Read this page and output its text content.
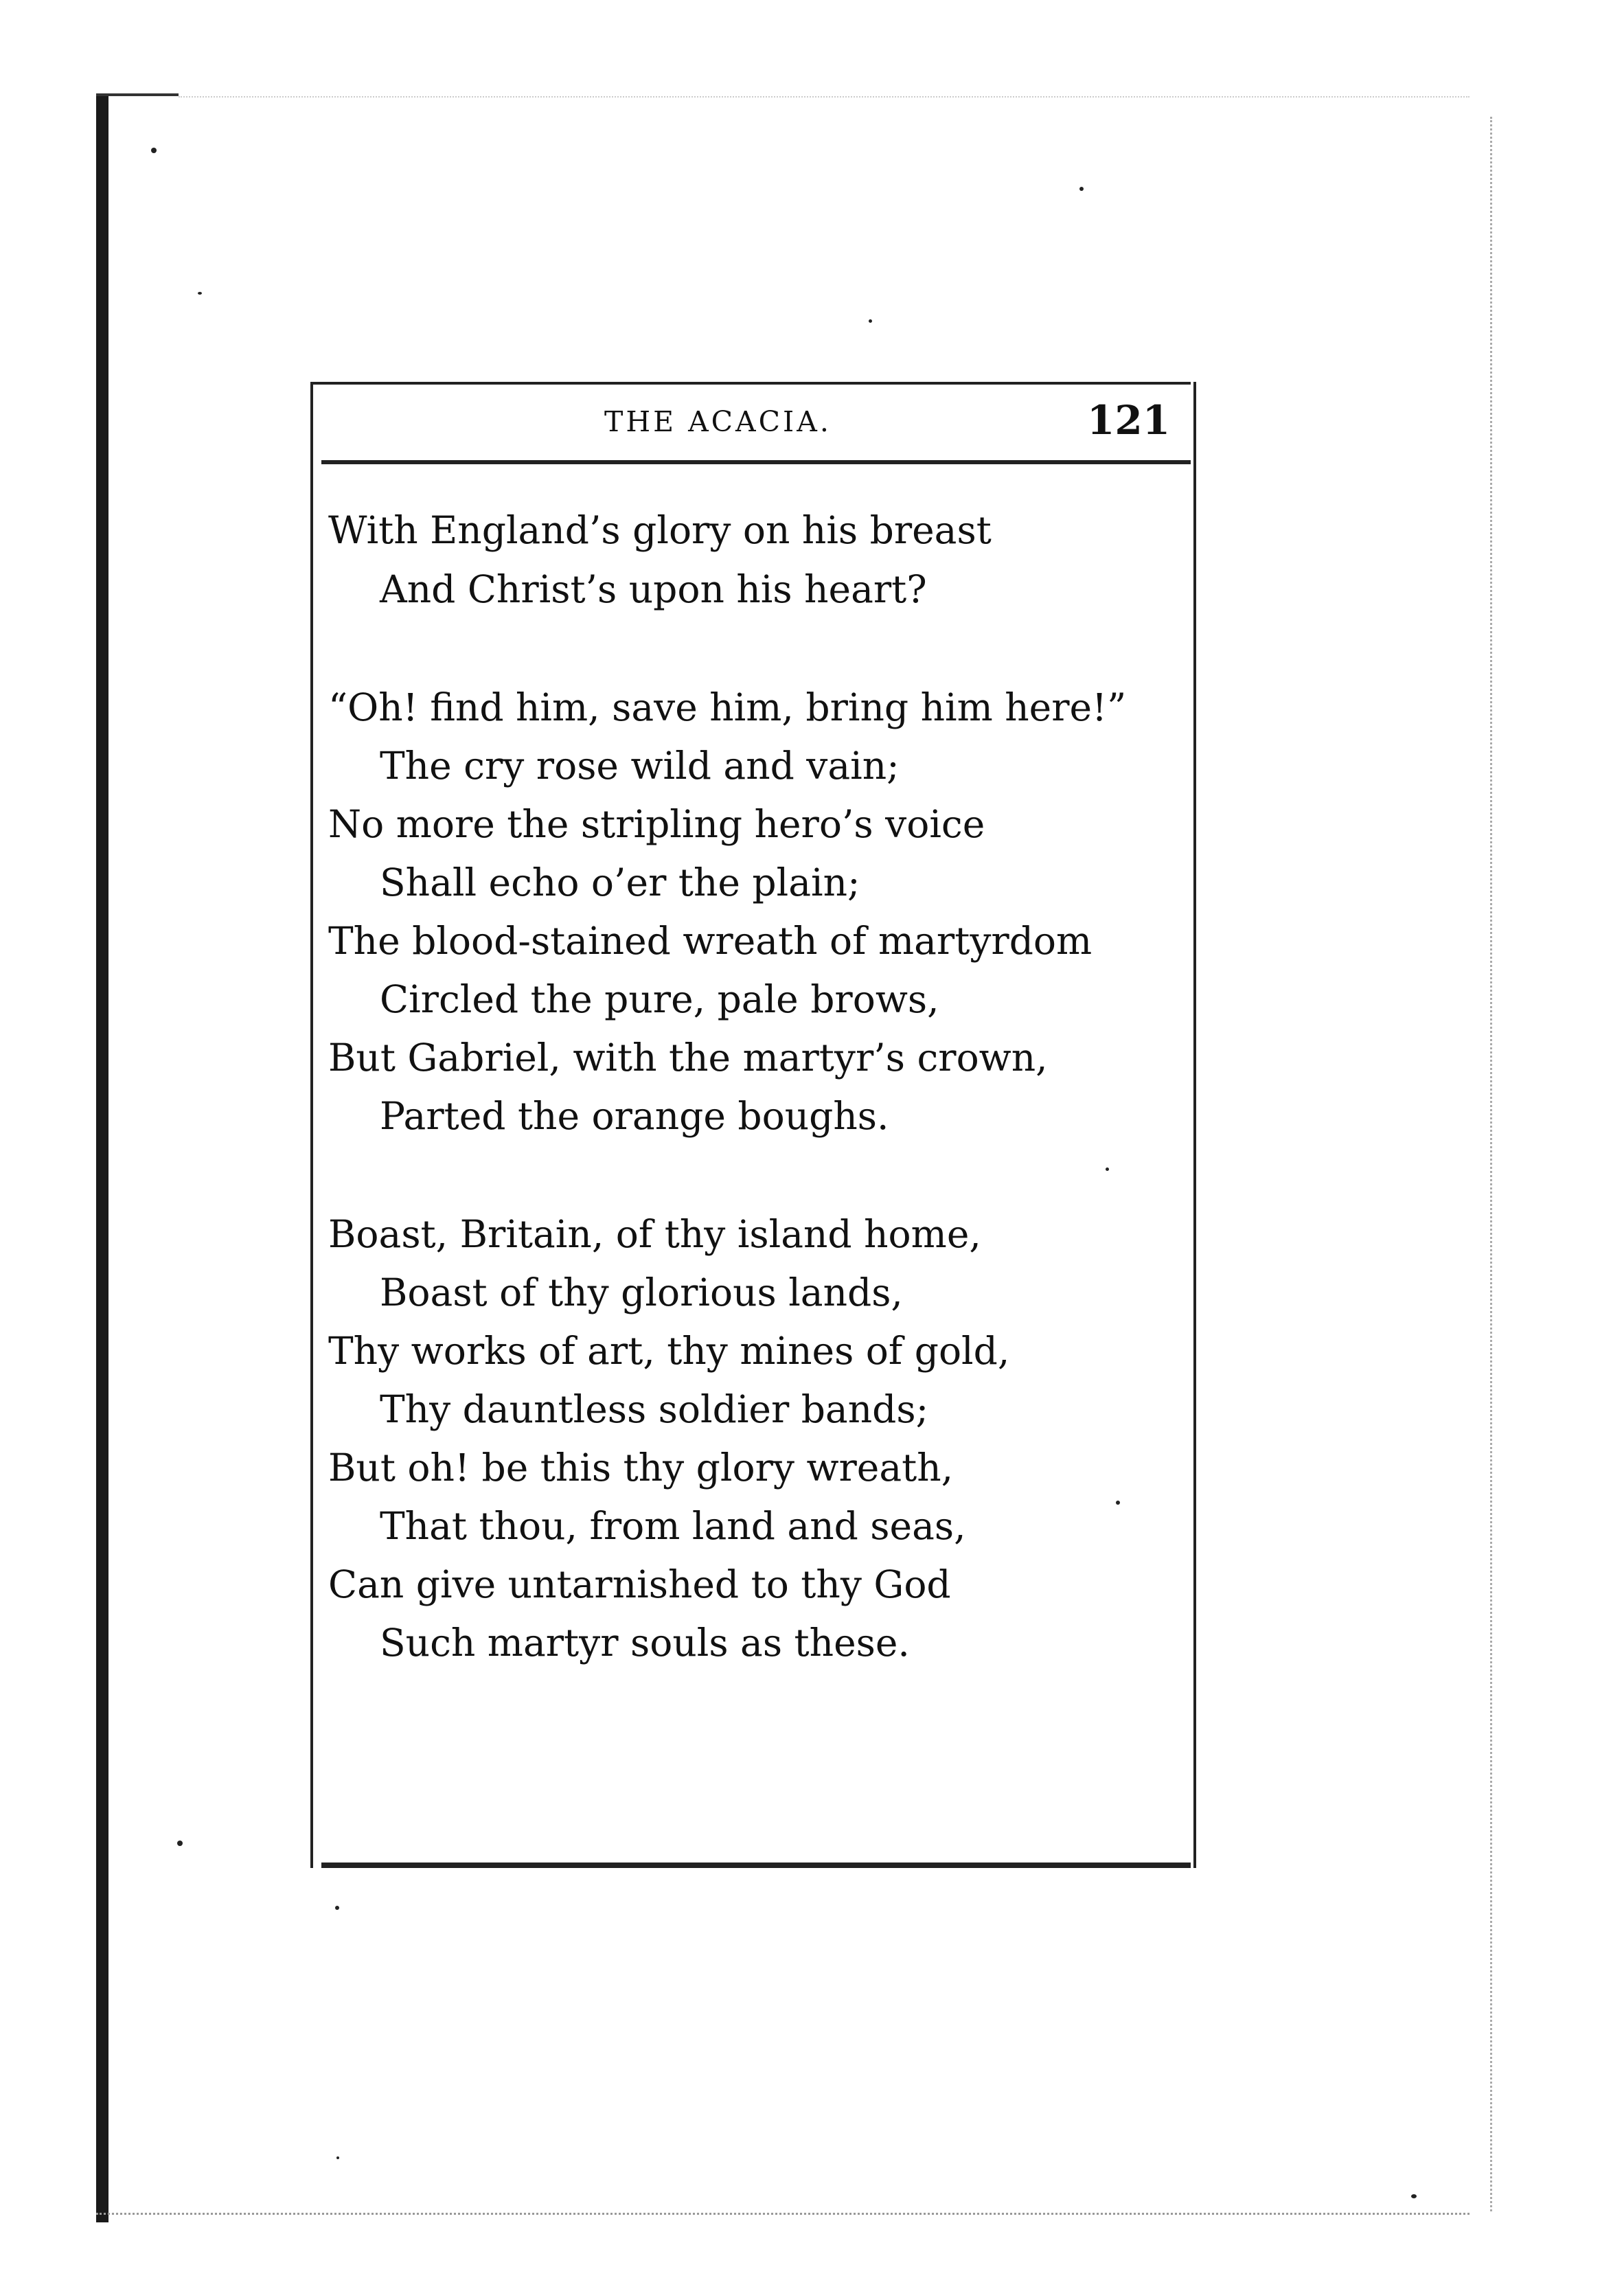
THE ACACIA.	121
With England’s glory on his breast
And Christ’s upon his heart?
“Oh! find him, save him, bring him here!”
The cry rose wild and vain;
No more the stripling hero’s voice
Shall echo o’er the plain;
The blood-stained wreath of martyrdom
Circled the pure, pale brows,
But Gabriel, with the martyr’s crown,
Parted the orange boughs.
Boast, Britain, of thy island home,
Boast of thy glorious lands,
Thy works of art, thy mines of gold,
Thy dauntless soldier bands;
But oh! be this thy glory wreath,
That thou, from land and seas,
Can give untarnished to thy God
Such martyr souls as these.
